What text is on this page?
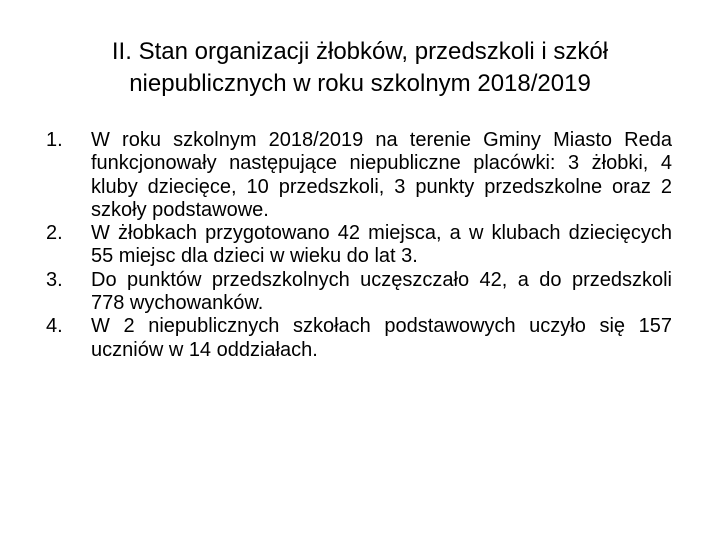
II. Stan organizacji żłobków, przedszkoli i szkół
niepublicznych w roku szkolnym 2018/2019
1.	W roku szkolnym 2018/2019 na terenie Gminy Miasto Reda funkcjonowały następujące niepubliczne placówki: 3 żłobki, 4 kluby dziecięce, 10 przedszkoli, 3 punkty przedszkolne oraz 2 szkoły podstawowe.
2.	W żłobkach przygotowano 42 miejsca, a w klubach dziecięcych 55 miejsc dla dzieci w wieku do lat 3.
3.	Do punktów przedszkolnych uczęszczało 42, a do przedszkoli 778 wychowanków.
4.	W 2 niepublicznych szkołach podstawowych uczyło się 157 uczniów w 14 oddziałach.
